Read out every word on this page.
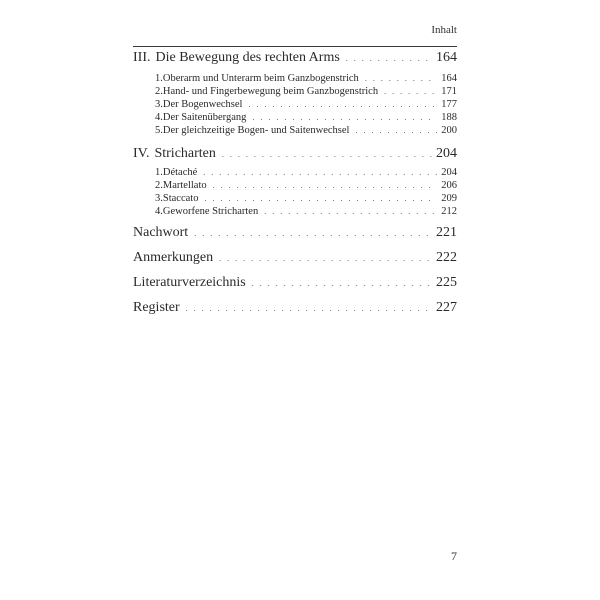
Inhalt
III. Die Bewegung des rechten Arms . . .	164
1. Oberarm und Unterarm beim Ganzbogenstrich . . .	164
2. Hand- und Fingerbewegung beim Ganzbogenstrich . . .	171
3. Der Bogenwechsel . . .	177
4. Der Saitenübergang . . .	188
5. Der gleichzeitige Bogen- und Saitenwechsel . . .	200
IV. Stricharten . . .	204
1. Détaché . . .	204
2. Martellato . . .	206
3. Staccato . . .	209
4. Geworfene Stricharten . . .	212
Nachwort . . .	221
Anmerkungen . . .	222
Literaturverzeichnis . . .	225
Register . . .	227
7
